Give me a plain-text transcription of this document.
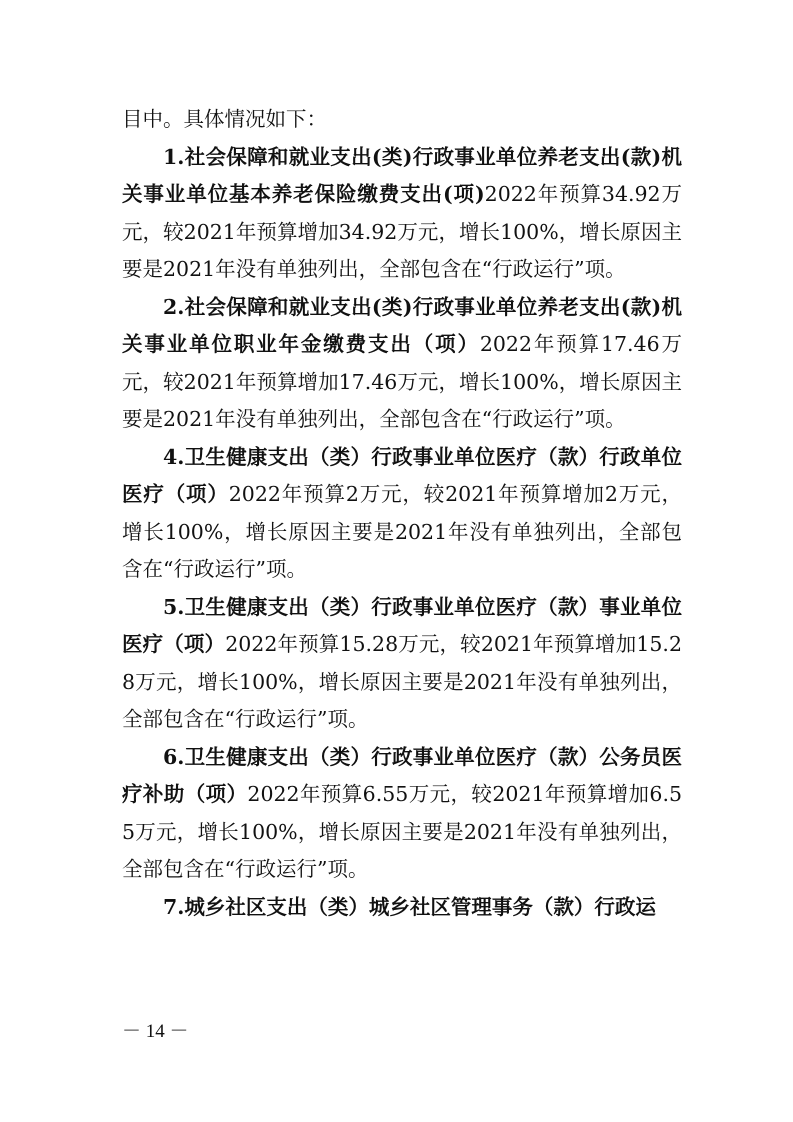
目中。具体情况如下：

1.社会保障和就业支出(类)行政事业单位养老支出(款)机关事业单位基本养老保险缴费支出(项)2022年预算34.92万元，较2021年预算增加34.92万元，增长100%，增长原因主要是2021年没有单独列出，全部包含在“行政运行”项。

2.社会保障和就业支出(类)行政事业单位养老支出(款)机关事业单位职业年金缴费支出（项）2022年预算17.46万元，较2021年预算增加17.46万元，增长100%，增长原因主要是2021年没有单独列出，全部包含在“行政运行”项。

4.卫生健康支出（类）行政事业单位医疗（款）行政单位医疗（项）2022年预算2万元，较2021年预算增加2万元，增长100%，增长原因主要是2021年没有单独列出，全部包含在“行政运行”项。

5.卫生健康支出（类）行政事业单位医疗（款）事业单位医疗（项）2022年预算15.28万元，较2021年预算增加15.28万元，增长100%，增长原因主要是2021年没有单独列出，全部包含在“行政运行”项。

6.卫生健康支出（类）行政事业单位医疗（款）公务员医疗补助（项）2022年预算6.55万元，较2021年预算增加6.55万元，增长100%，增长原因主要是2021年没有单独列出，全部包含在“行政运行”项。

7.城乡社区支出（类）城乡社区管理事务（款）行政运

－ 14 －
